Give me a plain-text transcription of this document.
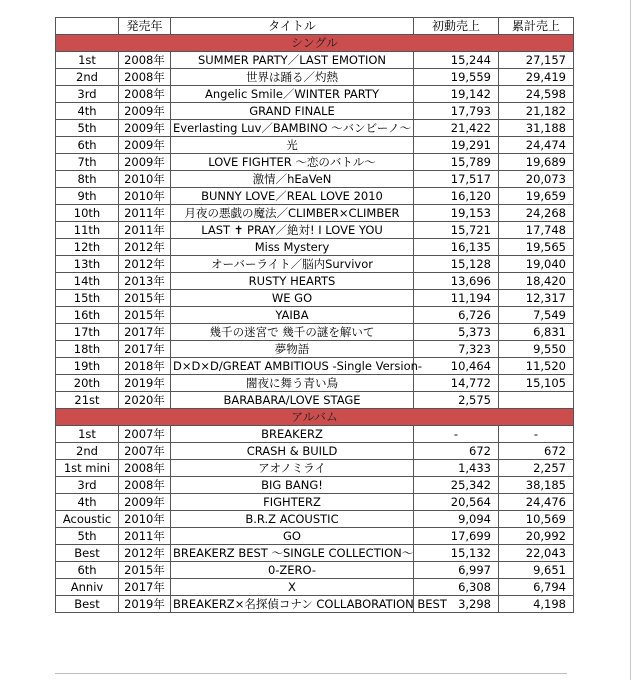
	発売年	タイトル	初動売上	累計売上
シングル				
1st	2008年	SUMMER PARTY／LAST EMOTION	15,244	27,157
2nd	2008年	世界は踊る／灼熱	19,559	29,419
3rd	2008年	Angelic Smile／WINTER PARTY	19,142	24,598
4th	2009年	GRAND FINALE	17,793	21,182
5th	2009年	Everlasting Luv／BAMBINO 〜バンビーノ〜	21,422	31,188
6th	2009年	光	19,291	24,474
7th	2009年	LOVE FIGHTER 〜恋のバトル〜	15,789	19,689
8th	2010年	激情／hEaVeN	17,517	20,073
9th	2010年	BUNNY LOVE／REAL LOVE 2010	16,120	19,659
10th	2011年	月夜の悪戯の魔法／CLIMBER×CLIMBER	19,153	24,268
11th	2011年	LAST ✝ PRAY／絶対! I LOVE YOU	15,721	17,748
12th	2012年	Miss Mystery	16,135	19,565
13th	2012年	オーバーライト／脳内Survivor	15,128	19,040
14th	2013年	RUSTY HEARTS	13,696	18,420
15th	2015年	WE GO	11,194	12,317
16th	2015年	YAIBA	6,726	7,549
17th	2017年	幾千の迷宮で 幾千の謎を解いて	5,373	6,831
18th	2017年	夢物語	7,323	9,550
19th	2018年	D×D×D/GREAT AMBITIOUS -Single Version-	10,464	11,520
20th	2019年	闇夜に舞う青い鳥	14,772	15,105
21st	2020年	BARABARA/LOVE STAGE	2,575	
アルバム				
1st	2007年	BREAKERZ	-	-
2nd	2007年	CRASH & BUILD	672	672
1st mini	2008年	アオノミライ	1,433	2,257
3rd	2008年	BIG BANG!	25,342	38,185
4th	2009年	FIGHTERZ	20,564	24,476
Acoustic	2010年	B.R.Z ACOUSTIC	9,094	10,569
5th	2011年	GO	17,699	20,992
Best	2012年	BREAKERZ BEST 〜SINGLE COLLECTION〜	15,132	22,043
6th	2015年	0-ZERO-	6,997	9,651
Anniv	2017年	X	6,308	6,794
Best	2019年	BREAKERZ×名探偵コナン COLLABORATION BEST	3,298	4,198
